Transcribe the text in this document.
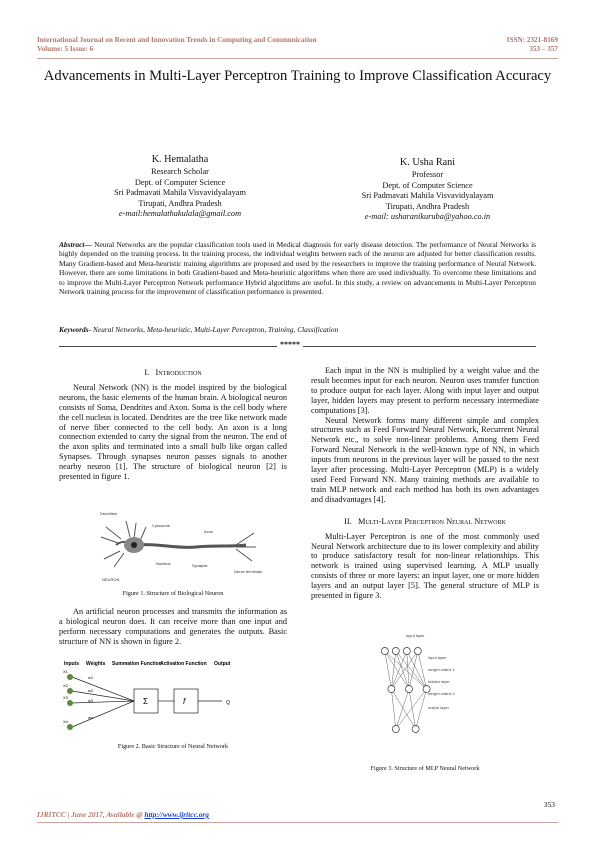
International Journal on Recent and Innovation Trends in Computing and Communication
Volume: 5 Issue: 6
ISSN: 2321-8169
353 – 357
Advancements in Multi-Layer Perceptron Training to Improve Classification Accuracy
K. Hemalatha
Research Scholar
Dept. of Computer Science
Sri Padmavati Mahila Visvavidyalayam
Tirupati, Andhra Pradesh
e-mail:hemalathakulala@gmail.com
K. Usha Rani
Professor
Dept. of Computer Science
Sri Padmavati Mahila Visvavidyalayam
Tirupati, Andhra Pradesh
e-mail: usharanikuruba@yahoo.co.in
Abstract— Neural Networks are the popular classification tools used in Medical diagnosis for early disease detection. The performance of Neural Networks is highly depended on the training process. In the training process, the individual weights between each of the neuron are adjusted for better classification results. Many Gradient-based and Meta-heuristic training algorithms are proposed and used by the researchers to improve the training performance of Neural Network. However, there are some limitations in both Gradient-based and Meta-heuristic algorithms when there are used individually. To overcome these limitations and to improve the Multi-Layer Perceptron Network performance Hybrid algorithms are useful. In this study, a review on advancements in Multi-Layer Perceptron Network training process for the improvement of classification performance is presented.
Keywords- Neural Networks, Meta-heuristic, Multi-Layer Perceptron, Training, Classification
*****
I. Introduction

Neural Network (NN) is the model inspired by the biological neurons, the basic elements of the human brain. A biological neuron consists of Soma, Dendrites and Axon. Soma is the cell body where the cell nucleus is located. Dendrites are the tree like network made of nerve fiber connected to the cell body. An axon is a long connection extended to carry the signal from the neuron. The end of the axon splits and terminated into a small bulb like organ called Synapses. Through synapses neuron passes signals to another nearby neuron [1]. The structure of biological neuron [2] is presented in figure 1.

Dendrites
Cytosome
Axon
Nucleus
NEURON
Synapse
Nerve terminals
Figure 1. Structure of Biological Neuron

An artificial neuron processes and transmits the information as a biological neuron does. It can receive more than one input and perform necessary computations and generates the outputs. Basic structure of NN is shown in figure 2.

Inputs Weights Summation Function
Activation Function Output
X1
X2
X3
Xn
w1
w2
w3
wn
Σ	f	Q
Figure 2. Basic Structure of Neural Network

Each input in the NN is multiplied by a weight value and the result becomes input for each neuron. Neuron uses transfer function to produce output for each layer. Along with input layer and output layer, hidden layers may present to perform necessary intermediate computations [3].

Neural Network forms many different simple and complex structures such as Feed Forward Neural Network, Recurrent Neural Network etc., to solve non-linear problems. Among them Feed Forward Neural Network is the well-known type of NN, in which inputs from neurons in the previous layer will be passed to the next layer after processing. Multi-Layer Perceptron (MLP) is a widely used Feed Forward NN. Many training methods are available to train MLP network and each method has both its own advantages and disadvantages [4].

II. Multi-Layer Perceptron Neural Network

Multi-Layer Perceptron is one of the most commonly used Neural Network architecture due to its lower complexity and ability to produce satisfactory result for non-linear relationships. This network is trained using supervised learning. A MLP usually consists of three or more layers: an input layer, one or more hidden layers and an output layer [5]. The general structure of MLP is presented in figure 3.

input layer
input layer
weight matrix 1
hidden layer
weight matrix 2
output layer
Figure 3. Structure of MLP Neural Network
353
IJRITCC | June 2017, Available @ http://www.ijritcc.org
